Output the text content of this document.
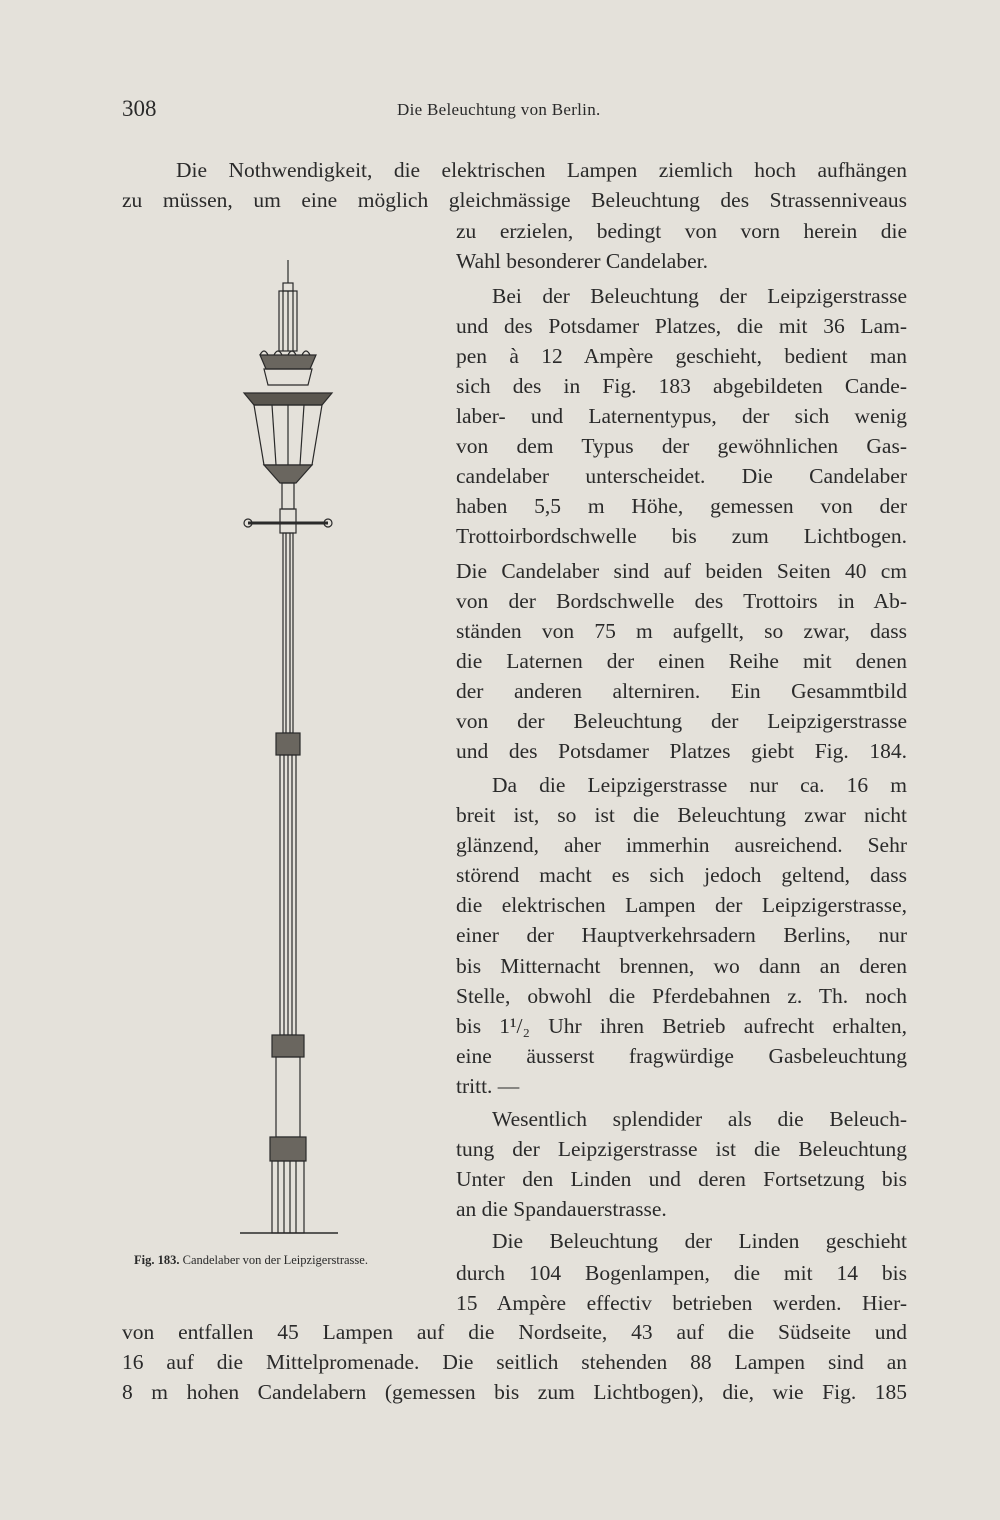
308	Die Beleuchtung von Berlin.
Die Nothwendigkeit, die elektrischen Lampen ziemlich hoch aufhängen
zu müssen, um eine möglich gleichmässige Beleuchtung des Strassenniveaus
zu erzielen, bedingt von vorn herein die
Wahl besonderer Candelaber.
Bei der Beleuchtung der Leipzigerstrasse
und des Potsdamer Platzes, die mit 36 Lam-
pen à 12 Ampère geschieht, bedient man
sich des in Fig. 183 abgebildeten Cande-
laber- und Laternentypus, der sich wenig
von dem Typus der gewöhnlichen Gas-
candelaber unterscheidet. Die Candelaber
haben 5,5 m Höhe, gemessen von der
Trottoirbordschwelle bis zum Lichtbogen.
Die Candelaber sind auf beiden Seiten 40 cm
von der Bordschwelle des Trottoirs in Ab-
ständen von 75 m aufgellt, so zwar, dass
die Laternen der einen Reihe mit denen
der anderen alterniren. Ein Gesammtbild
von der Beleuchtung der Leipzigerstrasse
und des Potsdamer Platzes giebt Fig. 184.
Da die Leipzigerstrasse nur ca. 16 m
breit ist, so ist die Beleuchtung zwar nicht
glänzend, aher immerhin ausreichend. Sehr
störend macht es sich jedoch geltend, dass
die elektrischen Lampen der Leipzigerstrasse,
einer der Hauptverkehrsadern Berlins, nur
bis Mitternacht brennen, wo dann an deren
Stelle, obwohl die Pferdebahnen z. Th. noch
bis 1¹/₂ Uhr ihren Betrieb aufrecht erhalten,
eine äusserst fragwürdige Gasbeleuchtung
tritt. —
Wesentlich splendider als die Beleuch-
tung der Leipzigerstrasse ist die Beleuchtung
Unter den Linden und deren Fortsetzung bis
an die Spandauerstrasse.
Die Beleuchtung der Linden geschieht
durch 104 Bogenlampen, die mit 14 bis
15 Ampère effectiv betrieben werden. Hier-
von entfallen 45 Lampen auf die Nordseite, 43 auf die Südseite und
16 auf die Mittelpromenade. Die seitlich stehenden 88 Lampen sind an
8 m hohen Candelabern (gemessen bis zum Lichtbogen), die, wie Fig. 185
Fig. 183. Candelaber von der Leipzigerstrasse.
